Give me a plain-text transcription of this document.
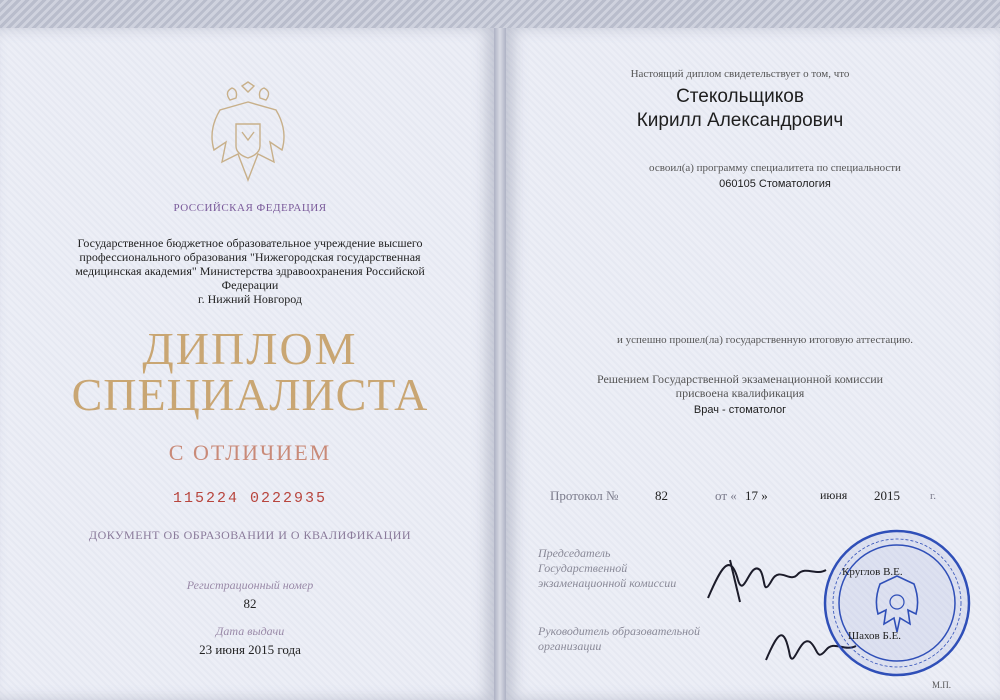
РОССИЙСКАЯ ФЕДЕРАЦИЯ
Государственное бюджетное образовательное учреждение высшего
профессионального образования "Нижегородская государственная
медицинская академия" Министерства здравоохранения Российской
Федерации
г. Нижний Новгород
ДИПЛОМ
СПЕЦИАЛИСТА
С ОТЛИЧИЕМ
115224 0222935
ДОКУМЕНТ ОБ ОБРАЗОВАНИИ И О КВАЛИФИКАЦИИ
Регистрационный номер
82
Дата выдачи
23 июня 2015 года
Настоящий диплом свидетельствует о том, что
Стекольщиков
Кирилл Александрович
освоил(а) программу специалитета по специальности
060105 Стоматология
и успешно прошел(ла) государственную итоговую аттестацию.
Решением Государственной экзаменационной комиссии
присвоена квалификация
Врач - стоматолог
Протокол №	82	от « 17 »	июня 2015	г.
Председатель
Государственной
экзаменационной комиссии
Руководитель образовательной
организации
Круглов В.Е.
Шахов Б.Е.
М.П.
